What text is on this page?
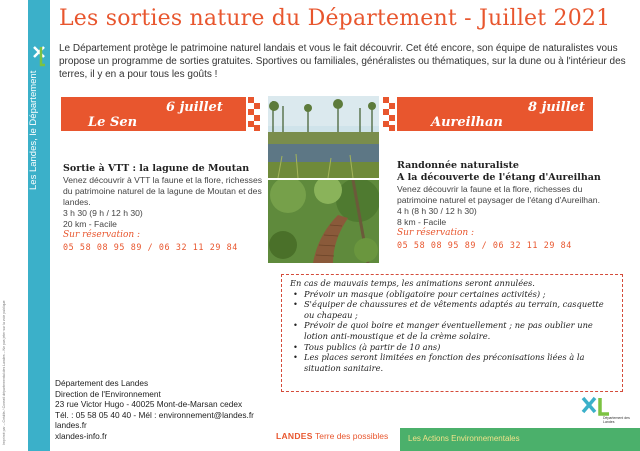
Les Landes, le Département
Imprimé par – Crédits / Conseil départemental des Landes – Ne pas jeter sur la voie publique
Les sorties nature du Département - Juillet 2021
Le Département protège le patrimoine naturel landais et vous le fait découvrir. Cet été encore, son équipe de naturalistes vous propose un programme de sorties gratuites. Sportives ou familiales, généralistes ou thématiques, sur la dune ou à l'intérieur des terres, il y en a pour tous les goûts !
6 juillet
Le Sen
Sortie à VTT : la lagune de Moutan
Venez découvrir à VTT la faune et la flore, richesses du patrimoine naturel de la lagune de Moutan et des landes.
3 h 30 (9 h / 12 h 30)
20 km - Facile
Sur réservation :
05 58 08 95 89 / 06 32 11 29 84
8 juillet
Aureilhan
Randonnée naturaliste
A la découverte de l'étang d'Aureilhan
Venez découvrir la faune et la flore, richesses du patrimoine naturel et paysager de l'étang d'Aureilhan.
4 h (8 h 30 / 12 h 30)
8 km - Facile
Sur réservation :
05 58 08 95 89 / 06 32 11 29 84
En cas de mauvais temps, les animations seront annulées.
• Prévoir un masque (obligatoire pour certaines activités) ;
• S'équiper de chaussures et de vêtements adaptés au terrain, casquette ou chapeau ;
• Prévoir de quoi boire et manger éventuellement ; ne pas oublier une lotion anti-moustique et de la crème solaire.
• Tous publics (à partir de 10 ans)
• Les places seront limitées en fonction des préconisations liées à la situation sanitaire.
Département des Landes
Direction de l'Environnement
23 rue Victor Hugo - 40025 Mont-de-Marsan cedex
Tél. : 05 58 05 40 40 - Mél : environnement@landes.fr
landes.fr
xlandes-info.fr	LANDES Terre des possibles Les Actions Environnementales
Département des Landes
